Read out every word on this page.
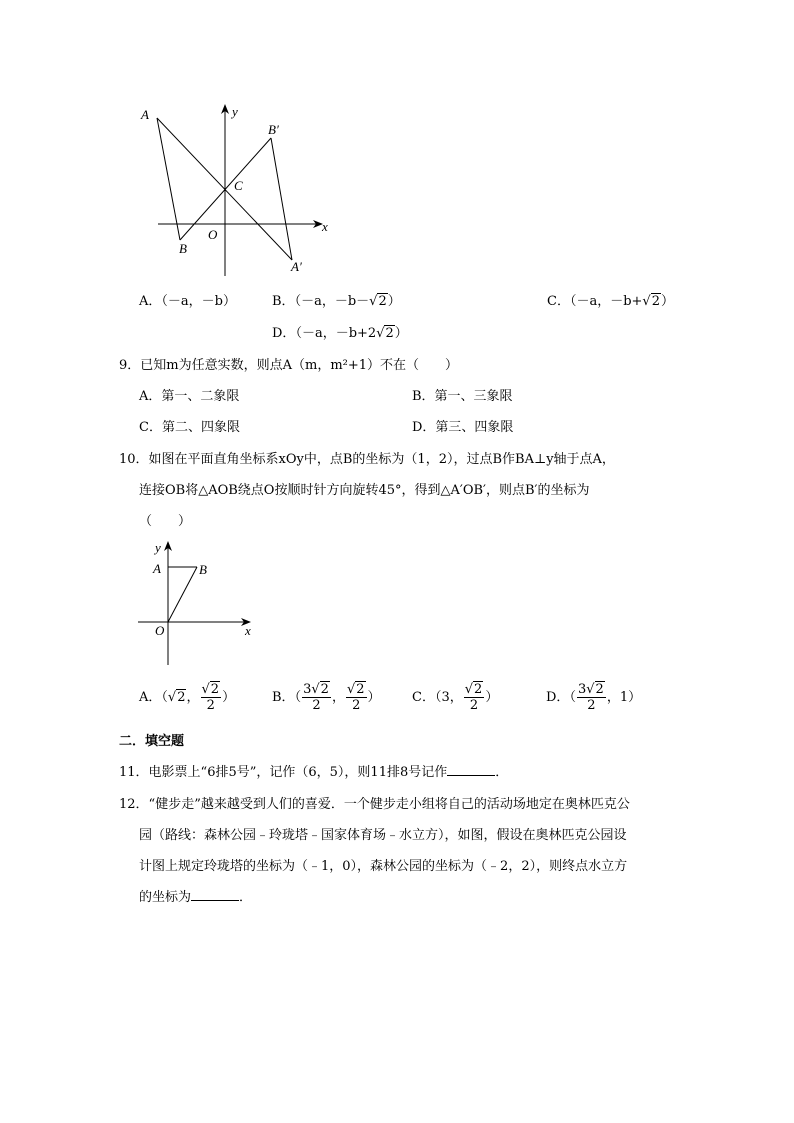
A	y
B′
C
x
O
B
A′
A．（－a，－b）	B．（－a，－b－√2）	C．（－a，－b+√2）
D．（－a，－b+2√2）
9．已知m为任意实数，则点A（m，m²+1）不在（　　）
A．第一、二象限	B．第一、三象限
C．第二、四象限	D．第三、四象限
10．如图在平面直角坐标系xOy中，点B的坐标为（1，2），过点B作BA⊥y轴于点A，
连接OB将△AOB绕点O按顺时针方向旋转45°，得到△A′OB′，则点B′的坐标为
（　　）
y
A	B
O	x
A．（√2， $\frac{√2}{2}$ ）	B．（ $\frac{3√2}{2}$ ， $\frac{√2}{2}$ ） C．（3， $\frac{√2}{2}$ ）	D．（ $\frac{3√2}{2}$ ，1）
二．填空题
11．电影票上“6排5号”，记作（6，5），则11排8号记作	．
12．“健步走”越来越受到人们的喜爱．一个健步走小组将自己的活动场地定在奥林匹克公
园（路线：森林公园﹣玲珑塔﹣国家体育场﹣水立方），如图，假设在奥林匹克公园设
计图上规定玲珑塔的坐标为（﹣1，0），森林公园的坐标为（﹣2，2），则终点水立方
的坐标为	．
